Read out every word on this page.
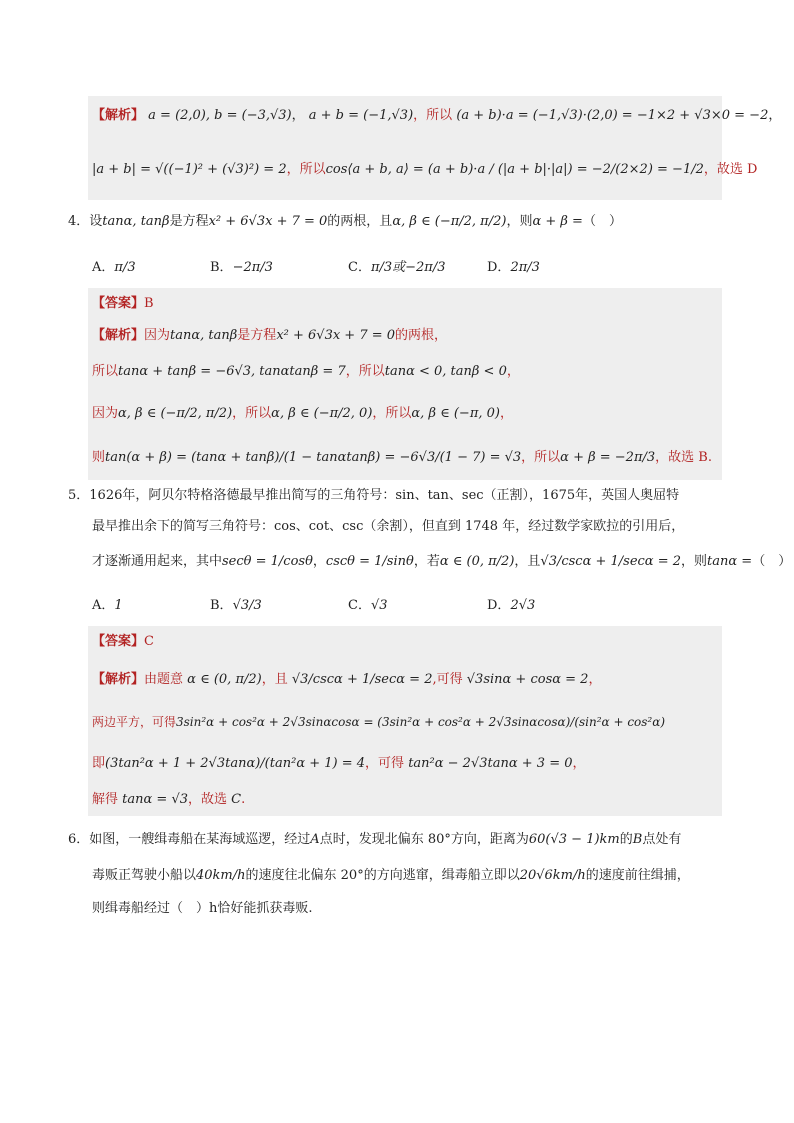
【解析】 a = (2,0), b = (−3,√3)， a + b = (−1,√3)，所以 (a + b)·a = (−1,√3)·(2,0) = −1×2 + √3×0 = −2，
|a + b| = √((−1)² + (√3)²) = 2，所以cos⟨a + b, a⟩ = (a + b)·a / (|a + b|·|a|) = −2/(2×2) = −1/2，故选 D
4．设tanα, tanβ是方程x² + 6√3x + 7 = 0的两根，且α, β ∈ (−π/2, π/2)，则α + β =（　）
A．π/3	B．−2π/3	C．π/3或−2π/3	D．2π/3
【答案】B
【解析】因为tanα, tanβ是方程x² + 6√3x + 7 = 0的两根，
所以tanα + tanβ = −6√3, tanαtanβ = 7，所以tanα < 0, tanβ < 0，
因为α, β ∈ (−π/2, π/2)，所以α, β ∈ (−π/2, 0)，所以α, β ∈ (−π, 0)，
则tan(α + β) = (tanα + tanβ)/(1 − tanαtanβ) = −6√3/(1 − 7) = √3，所以α + β = −2π/3，故选 B.
5．1626年，阿贝尔特格洛德最早推出简写的三角符号：sin、tan、sec（正割），1675年，英国人奥屈特
最早推出余下的简写三角符号：cos、cot、csc（余割），但直到 1748 年，经过数学家欧拉的引用后，
才逐渐通用起来，其中secθ = 1/cosθ，cscθ = 1/sinθ，若α ∈ (0, π/2)，且√3/cscα + 1/secα = 2，则tanα =（　）
A．1	B．√3/3	C．√3	D．2√3
【答案】C
【解析】由题意 α ∈ (0, π/2)，且 √3/cscα + 1/secα = 2,可得 √3sinα + cosα = 2，
两边平方，可得3sin²α + cos²α + 2√3sinαcosα = (3sin²α + cos²α + 2√3sinαcosα)/(sin²α + cos²α)
即(3tan²α + 1 + 2√3tanα)/(tan²α + 1) = 4，可得 tan²α − 2√3tanα + 3 = 0，
解得 tanα = √3，故选 C.
6．如图，一艘缉毒船在某海域巡逻，经过A点时，发现北偏东 80°方向，距离为60(√3 − 1)km的B点处有
毒贩正驾驶小船以40km/h的速度往北偏东 20°的方向逃窜，缉毒船立即以20√6km/h的速度前往缉捕，
则缉毒船经过（　）h恰好能抓获毒贩.
